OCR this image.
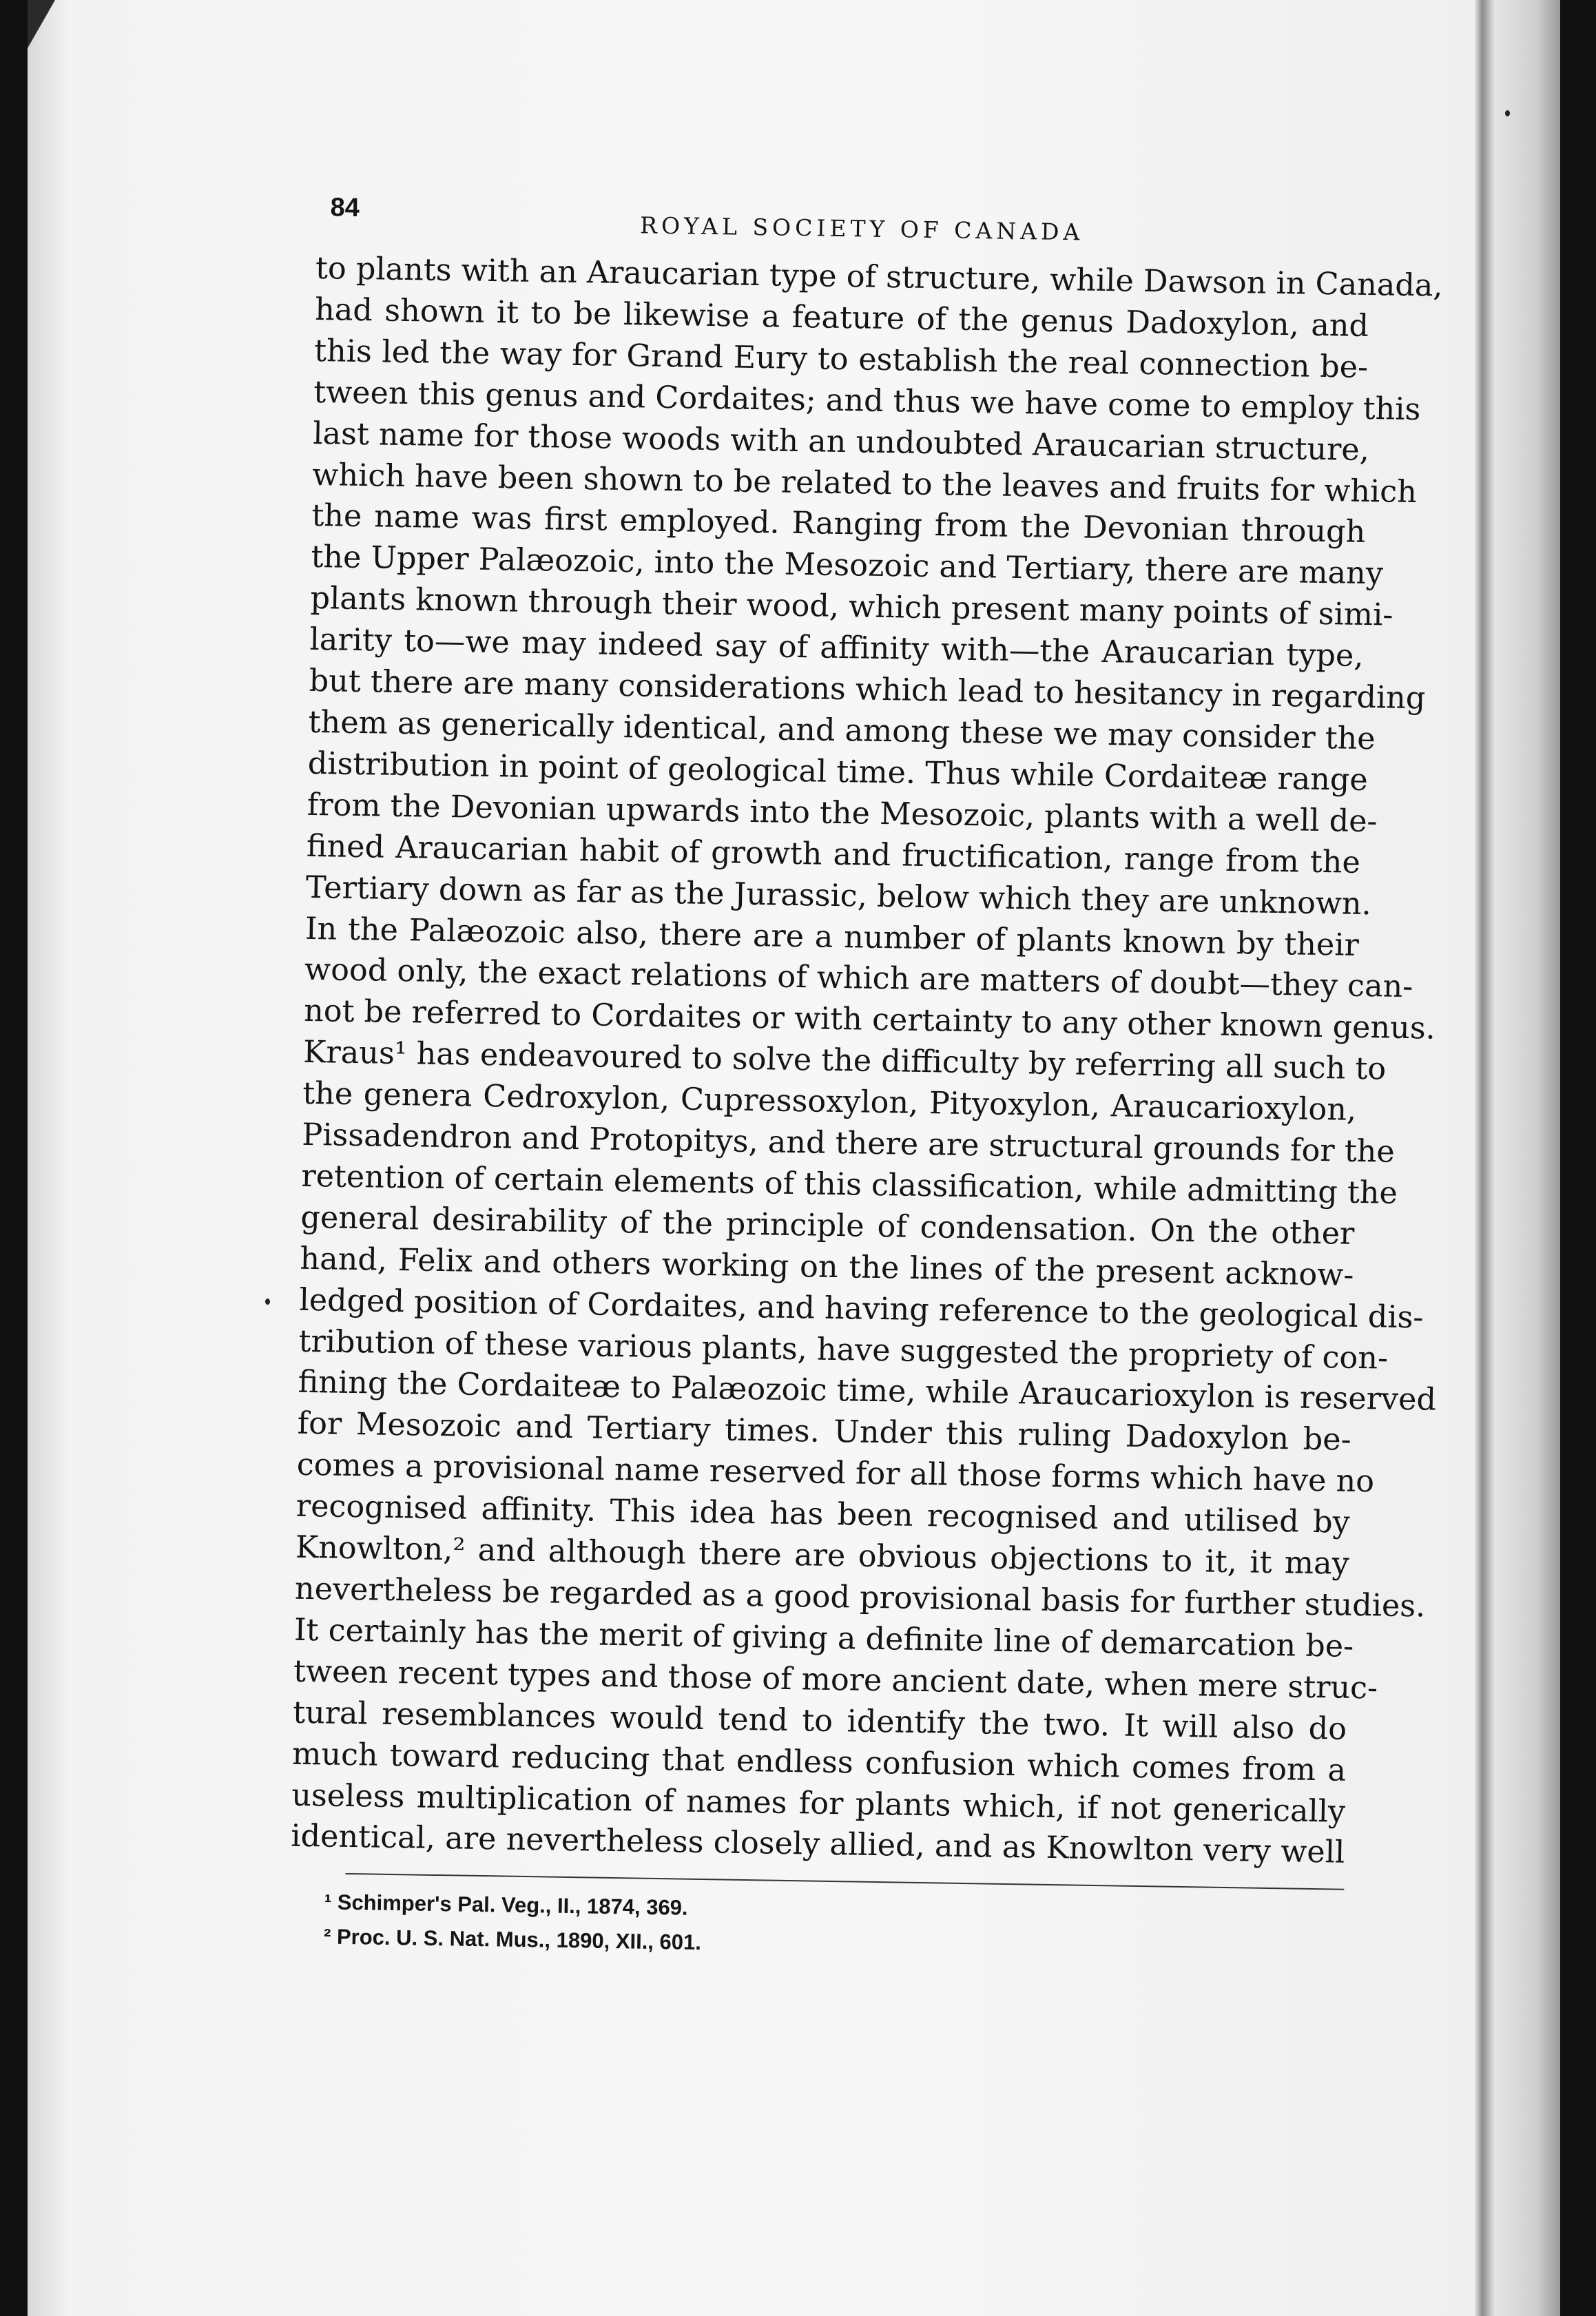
84
ROYAL SOCIETY OF CANADA
to plants with an Araucarian type of structure, while Dawson in Canada,
had shown it to be likewise a feature of the genus Dadoxylon, and
this led the way for Grand Eury to establish the real connection be-
tween this genus and Cordaites; and thus we have come to employ this
last name for those woods with an undoubted Araucarian structure,
which have been shown to be related to the leaves and fruits for which
the name was first employed. Ranging from the Devonian through
the Upper Palæozoic, into the Mesozoic and Tertiary, there are many
plants known through their wood, which present many points of simi-
larity to—we may indeed say of affinity with—the Araucarian type,
but there are many considerations which lead to hesitancy in regarding
them as generically identical, and among these we may consider the
distribution in point of geological time. Thus while Cordaiteæ range
from the Devonian upwards into the Mesozoic, plants with a well de-
fined Araucarian habit of growth and fructification, range from the
Tertiary down as far as the Jurassic, below which they are unknown.
In the Palæozoic also, there are a number of plants known by their
wood only, the exact relations of which are matters of doubt—they can-
not be referred to Cordaites or with certainty to any other known genus.
Kraus¹ has endeavoured to solve the difficulty by referring all such to
the genera Cedroxylon, Cupressoxylon, Pityoxylon, Araucarioxylon,
Pissadendron and Protopitys, and there are structural grounds for the
retention of certain elements of this classification, while admitting the
general desirability of the principle of condensation. On the other
hand, Felix and others working on the lines of the present acknow-
ledged position of Cordaites, and having reference to the geological dis-
tribution of these various plants, have suggested the propriety of con-
fining the Cordaiteæ to Palæozoic time, while Araucarioxylon is reserved
for Mesozoic and Tertiary times. Under this ruling Dadoxylon be-
comes a provisional name reserved for all those forms which have no
recognised affinity. This idea has been recognised and utilised by
Knowlton,² and although there are obvious objections to it, it may
nevertheless be regarded as a good provisional basis for further studies.
It certainly has the merit of giving a definite line of demarcation be-
tween recent types and those of more ancient date, when mere struc-
tural resemblances would tend to identify the two. It will also do
much toward reducing that endless confusion which comes from a
useless multiplication of names for plants which, if not generically
identical, are nevertheless closely allied, and as Knowlton very well
¹ Schimper's Pal. Veg., II., 1874, 369.
² Proc. U. S. Nat. Mus., 1890, XII., 601.
